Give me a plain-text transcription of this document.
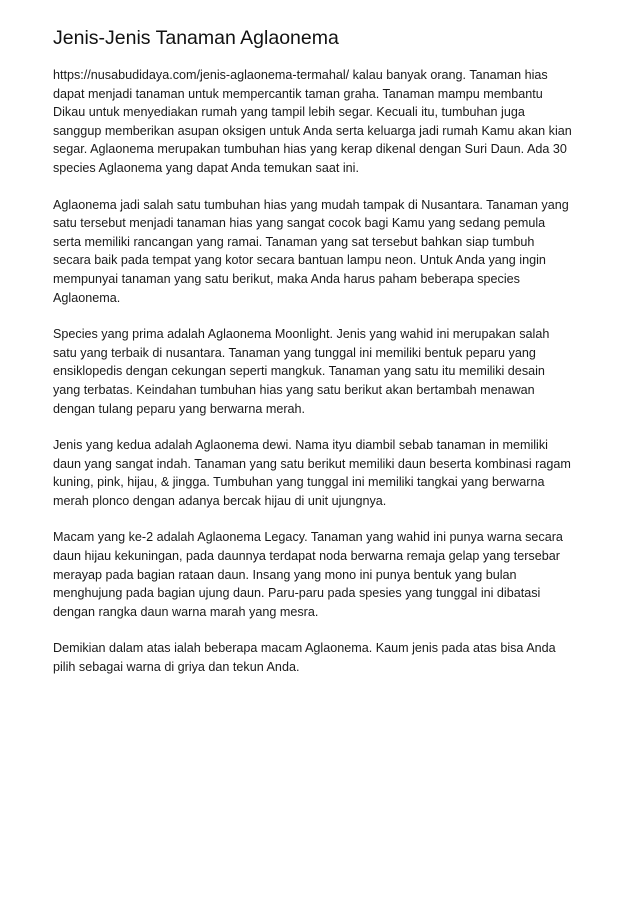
Jenis-Jenis Tanaman Aglaonema

https://nusabudidaya.com/jenis-aglaonema-termahal/ kalau banyak orang. Tanaman hias
dapat menjadi tanaman untuk mempercantik taman graha. Tanaman mampu membantu
Dikau untuk menyediakan rumah yang tampil lebih segar. Kecuali itu, tumbuhan juga
sanggup memberikan asupan oksigen untuk Anda serta keluarga jadi rumah Kamu akan kian
segar. Aglaonema merupakan tumbuhan hias yang kerap dikenal dengan Suri Daun. Ada 30
species Aglaonema yang dapat Anda temukan saat ini.

Aglaonema jadi salah satu tumbuhan hias yang mudah tampak di Nusantara. Tanaman yang
satu tersebut menjadi tanaman hias yang sangat cocok bagi Kamu yang sedang pemula
serta memiliki rancangan yang ramai. Tanaman yang sat tersebut bahkan siap tumbuh
secara baik pada tempat yang kotor secara bantuan lampu neon. Untuk Anda yang ingin
mempunyai tanaman yang satu berikut, maka Anda harus paham beberapa species
Aglaonema.

Species yang prima adalah Aglaonema Moonlight. Jenis yang wahid ini merupakan salah
satu yang terbaik di nusantara. Tanaman yang tunggal ini memiliki bentuk peparu yang
ensiklopedis dengan cekungan seperti mangkuk. Tanaman yang satu itu memiliki desain
yang terbatas. Keindahan tumbuhan hias yang satu berikut akan bertambah menawan
dengan tulang peparu yang berwarna merah.

Jenis yang kedua adalah Aglaonema dewi. Nama ityu diambil sebab tanaman in memiliki
daun yang sangat indah. Tanaman yang satu berikut memiliki daun beserta kombinasi ragam
kuning, pink, hijau, & jingga. Tumbuhan yang tunggal ini memiliki tangkai yang berwarna
merah plonco dengan adanya bercak hijau di unit ujungnya.

Macam yang ke-2 adalah Aglaonema Legacy. Tanaman yang wahid ini punya warna secara
daun hijau kekuningan, pada daunnya terdapat noda berwarna remaja gelap yang tersebar
merayap pada bagian rataan daun. Insang yang mono ini punya bentuk yang bulan
menghujung pada bagian ujung daun. Paru-paru pada spesies yang tunggal ini dibatasi
dengan rangka daun warna marah yang mesra.

Demikian dalam atas ialah beberapa macam Aglaonema. Kaum jenis pada atas bisa Anda
pilih sebagai warna di griya dan tekun Anda.
